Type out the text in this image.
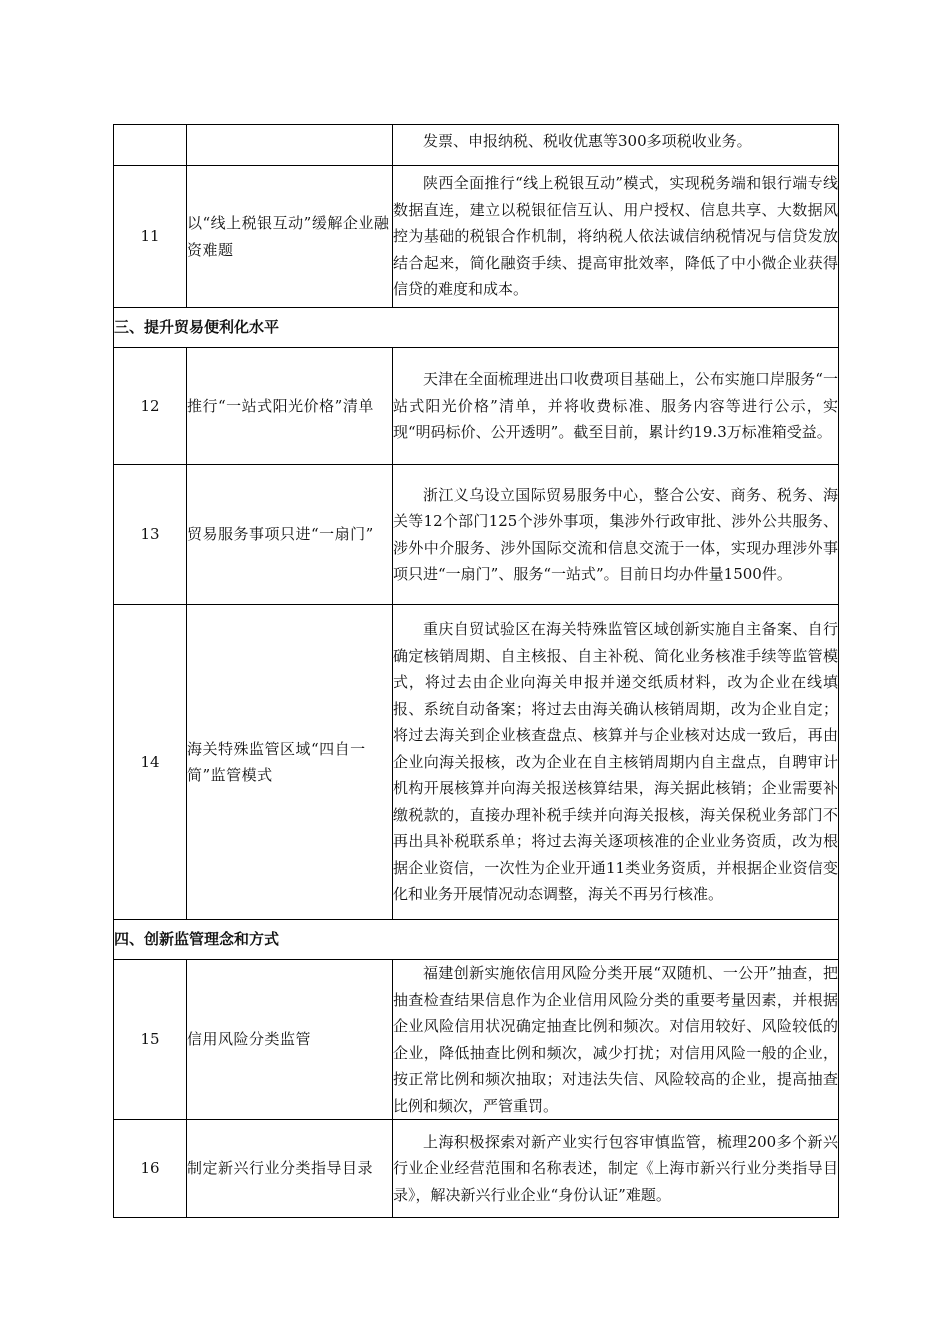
		发票、申报纳税、税收优惠等300多项税收业务。
11	以“线上税银互动”缓解企业融资难题	陕西全面推行“线上税银互动”模式，实现税务端和银行端专线数据直连，建立以税银征信互认、用户授权、信息共享、大数据风控为基础的税银合作机制，将纳税人依法诚信纳税情况与信贷发放结合起来，简化融资手续、提高审批效率，降低了中小微企业获得信贷的难度和成本。
三、提升贸易便利化水平		
12	推行“一站式阳光价格”清单	天津在全面梳理进出口收费项目基础上，公布实施口岸服务“一站式阳光价格”清单，并将收费标准、服务内容等进行公示，实现“明码标价、公开透明”。截至目前，累计约19.3万标准箱受益。
13	贸易服务事项只进“一扇门”	浙江义乌设立国际贸易服务中心，整合公安、商务、税务、海关等12个部门125个涉外事项，集涉外行政审批、涉外公共服务、涉外中介服务、涉外国际交流和信息交流于一体，实现办理涉外事项只进“一扇门”、服务“一站式”。目前日均办件量1500件。
14	海关特殊监管区域“四自一简”监管模式	重庆自贸试验区在海关特殊监管区域创新实施自主备案、自行确定核销周期、自主核报、自主补税、简化业务核准手续等监管模式，将过去由企业向海关申报并递交纸质材料，改为企业在线填报、系统自动备案；将过去由海关确认核销周期，改为企业自定；将过去海关到企业核查盘点、核算并与企业核对达成一致后，再由企业向海关报核，改为企业在自主核销周期内自主盘点，自聘审计机构开展核算并向海关报送核算结果，海关据此核销；企业需要补缴税款的，直接办理补税手续并向海关报核，海关保税业务部门不再出具补税联系单；将过去海关逐项核准的企业业务资质，改为根据企业资信，一次性为企业开通11类业务资质，并根据企业资信变化和业务开展情况动态调整，海关不再另行核准。
四、创新监管理念和方式		
15	信用风险分类监管	福建创新实施依信用风险分类开展“双随机、一公开”抽查，把抽查检查结果信息作为企业信用风险分类的重要考量因素，并根据企业风险信用状况确定抽查比例和频次。对信用较好、风险较低的企业，降低抽查比例和频次，减少打扰；对信用风险一般的企业，按正常比例和频次抽取；对违法失信、风险较高的企业，提高抽查比例和频次，严管重罚。
16	制定新兴行业分类指导目录	上海积极探索对新产业实行包容审慎监管，梳理200多个新兴行业企业经营范围和名称表述，制定《上海市新兴行业分类指导目录》，解决新兴行业企业“身份认证”难题。
